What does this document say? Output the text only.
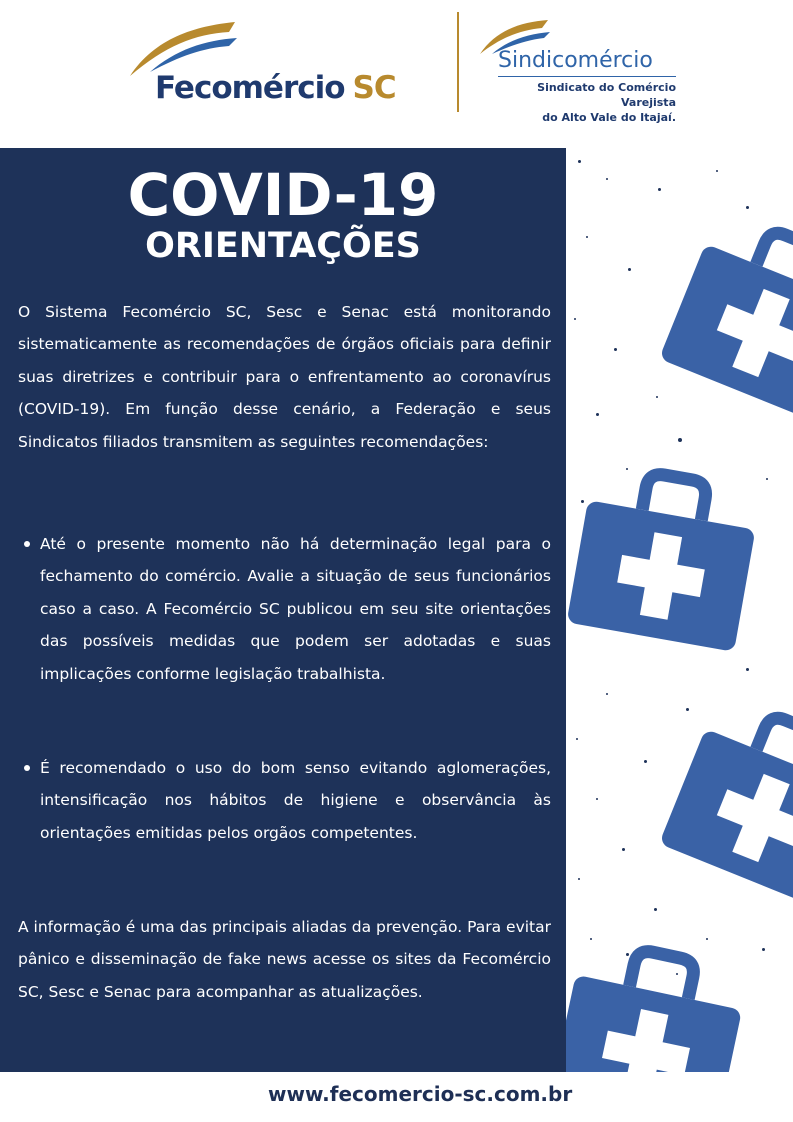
Fecomércio SC
Sindicomércio
Sindicato do Comércio Varejista
do Alto Vale do Itajaí.
COVID-19
ORIENTAÇÕES

O Sistema Fecomércio SC, Sesc e Senac está monitorando sistematicamente as recomendações de órgãos oficiais para definir suas diretrizes e contribuir para o enfrentamento ao coronavírus (COVID-19). Em função desse cenário, a Federação e seus Sindicatos filiados transmitem as seguintes recomendações:

Até o presente momento não há determinação legal para o fechamento do comércio. Avalie a situação de seus funcionários caso a caso. A Fecomércio SC publicou em seu site orientações das possíveis medidas que podem ser adotadas e suas implicações conforme legislação trabalhista.

É recomendado o uso do bom senso evitando aglomerações, intensificação nos hábitos de higiene e observância às orientações emitidas pelos orgãos competentes.

A informação é uma das principais aliadas da prevenção. Para evitar pânico e disseminação de fake news acesse os sites da Fecomércio SC, Sesc e Senac para acompanhar as atualizações.

www.fecomercio-sc.com.br
